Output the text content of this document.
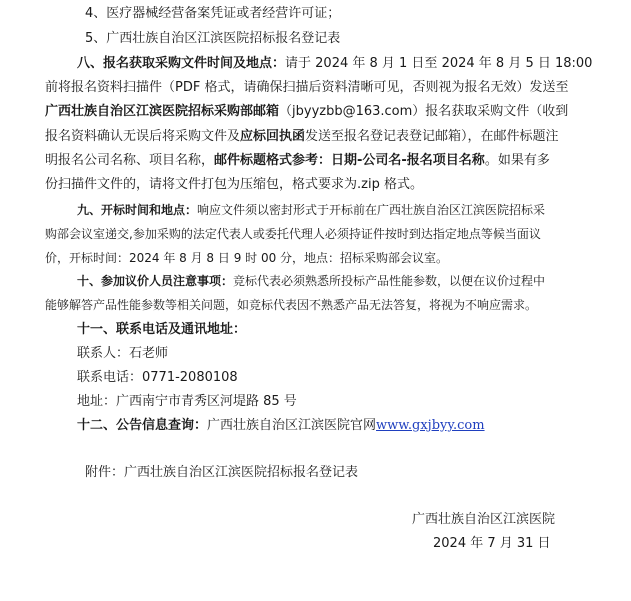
4、医疗器械经营备案凭证或者经营许可证；
5、广西壮族自治区江滨医院招标报名登记表
八、报名获取采购文件时间及地点：请于 2024 年 8 月 1 日至 2024 年 8 月 5 日 18:00
前将报名资料扫描件（PDF 格式，请确保扫描后资料清晰可见，否则视为报名无效）发送至
广西壮族自治区江滨医院招标采购部邮箱（jbyyzbb@163.com）报名获取采购文件（收到
报名资料确认无误后将采购文件及应标回执函发送至报名登记表登记邮箱），在邮件标题注
明报名公司名称、项目名称，邮件标题格式参考：日期-公司名-报名项目名称。如果有多
份扫描件文件的，请将文件打包为压缩包，格式要求为.zip 格式。
九、开标时间和地点：响应文件须以密封形式于开标前在广西壮族自治区江滨医院招标采
购部会议室递交,参加采购的法定代表人或委托代理人必须持证件按时到达指定地点等候当面议
价，开标时间：2024 年 8 月 8 日 9 时 00 分，地点：招标采购部会议室。
十、参加议价人员注意事项：竞标代表必须熟悉所投标产品性能参数，以便在议价过程中
能够解答产品性能参数等相关问题，如竞标代表因不熟悉产品无法答复，将视为不响应需求。
十一、联系电话及通讯地址：
联系人：石老师
联系电话：0771-2080108
地址：广西南宁市青秀区河堤路 85 号
十二、公告信息查询：广西壮族自治区江滨医院官网www.gxjbyy.com
附件：广西壮族自治区江滨医院招标报名登记表
广西壮族自治区江滨医院
2024 年 7 月 31 日
